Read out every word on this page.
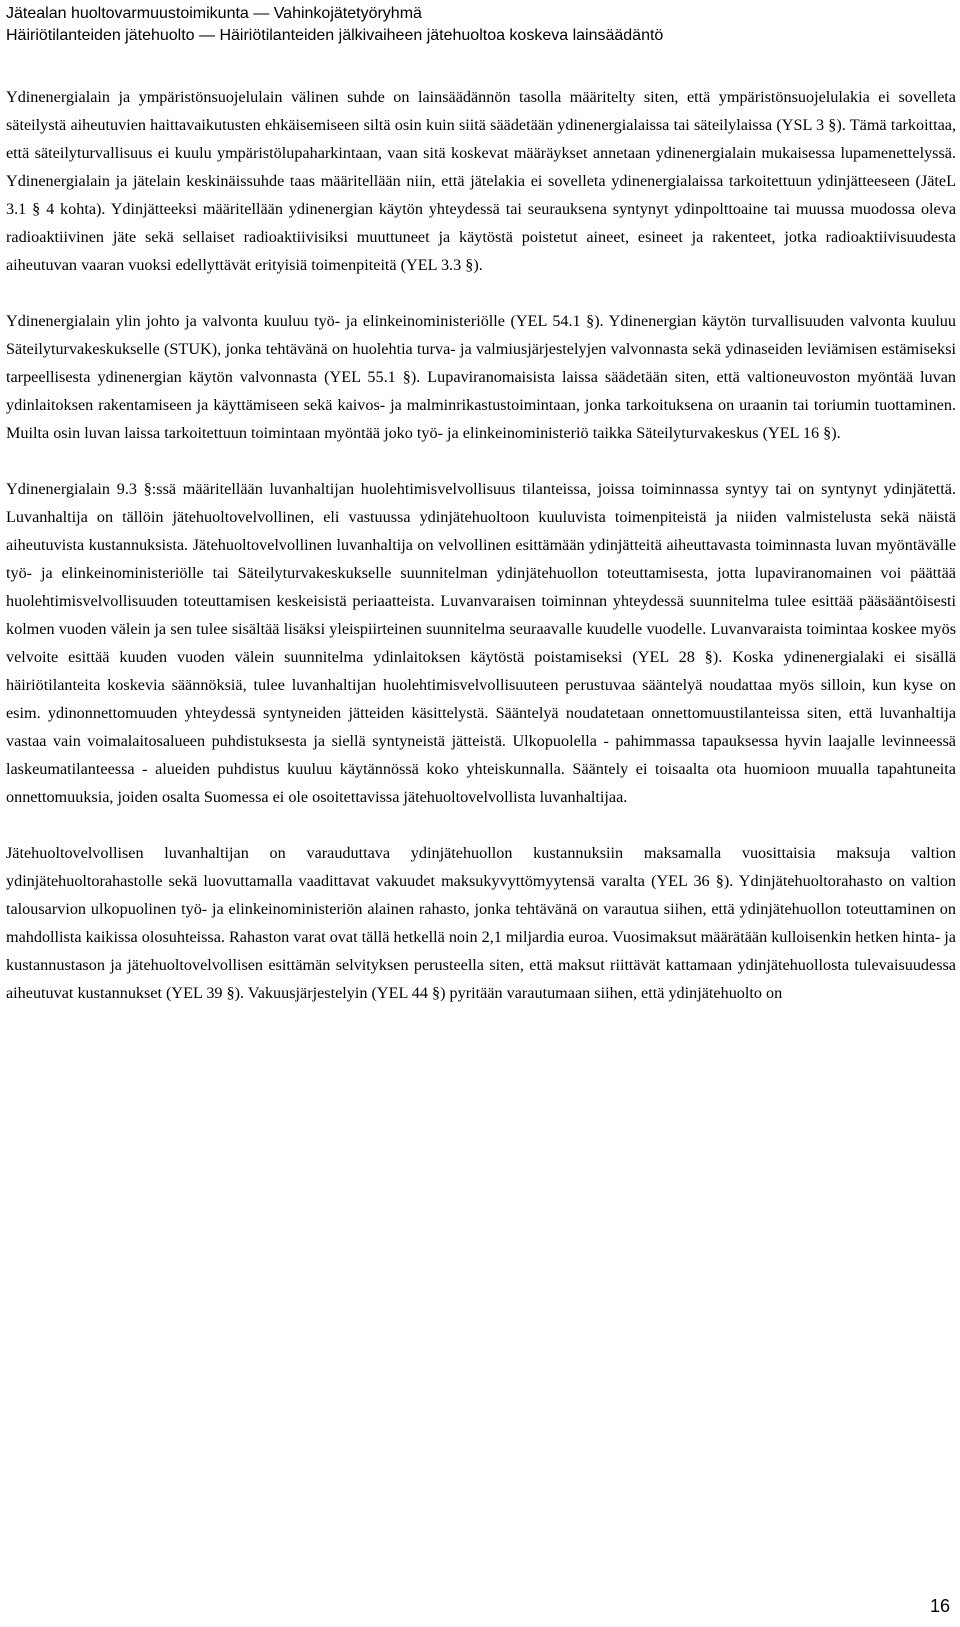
Jätealan huoltovarmuustoimikunta — Vahinkojätetyöryhmä
Häiriötilanteiden jätehuolto — Häiriötilanteiden jälkivaiheen jätehuoltoa koskeva lainsäädäntö

Ydinenergialain ja ympäristönsuojelulain välinen suhde on lainsäädännön tasolla määritelty siten, että ympäristönsuojelulakia ei sovelleta säteilystä aiheutuvien haittavaikutusten ehkäisemiseen siltä osin kuin siitä säädetään ydinenergialaissa tai säteilylaissa (YSL 3 §). Tämä tarkoittaa, että säteilyturvallisuus ei kuulu ympäristölupaharkintaan, vaan sitä koskevat määräykset annetaan ydinenergialain mukaisessa lupamenettelyssä. Ydinenergialain ja jätelain keskinäissuhde taas määritellään niin, että jätelakia ei sovelleta ydinenergialaissa tarkoitettuun ydinjätteeseen (JäteL 3.1 § 4 kohta). Ydinjätteeksi määritellään ydinenergian käytön yhteydessä tai seurauksena syntynyt ydinpolttoaine tai muussa muodossa oleva radioaktiivinen jäte sekä sellaiset radioaktiivisiksi muuttuneet ja käytöstä poistetut aineet, esineet ja rakenteet, jotka radioaktiivisuudesta aiheutuvan vaaran vuoksi edellyttävät erityisiä toimenpiteitä (YEL 3.3 §).

Ydinenergialain ylin johto ja valvonta kuuluu työ- ja elinkeinoministeriölle (YEL 54.1 §). Ydinenergian käytön turvallisuuden valvonta kuuluu Säteilyturvakeskukselle (STUK), jonka tehtävänä on huolehtia turva- ja valmiusjärjestelyjen valvonnasta sekä ydinaseiden leviämisen estämiseksi tarpeellisesta ydinenergian käytön valvonnasta (YEL 55.1 §). Lupaviranomaisista laissa säädetään siten, että valtioneuvoston myöntää luvan ydinlaitoksen rakentamiseen ja käyttämiseen sekä kaivos- ja malminrikastustoimintaan, jonka tarkoituksena on uraanin tai toriumin tuottaminen. Muilta osin luvan laissa tarkoitettuun toimintaan myöntää joko työ- ja elinkeinoministeriö taikka Säteilyturvakeskus (YEL 16 §).

Ydinenergialain 9.3 §:ssä määritellään luvanhaltijan huolehtimisvelvollisuus tilanteissa, joissa toiminnassa syntyy tai on syntynyt ydinjätettä. Luvanhaltija on tällöin jätehuoltovelvollinen, eli vastuussa ydinjätehuoltoon kuuluvista toimenpiteistä ja niiden valmistelusta sekä näistä aiheutuvista kustannuksista. Jätehuoltovelvollinen luvanhaltija on velvollinen esittämään ydinjätteitä aiheuttavasta toiminnasta luvan myöntävälle työ- ja elinkeinoministeriölle tai Säteilyturvakeskukselle suunnitelman ydinjätehuollon toteuttamisesta, jotta lupaviranomainen voi päättää huolehtimisvelvollisuuden toteuttamisen keskeisistä periaatteista. Luvanvaraisen toiminnan yhteydessä suunnitelma tulee esittää pääsääntöisesti kolmen vuoden välein ja sen tulee sisältää lisäksi yleispiirteinen suunnitelma seuraavalle kuudelle vuodelle. Luvanvaraista toimintaa koskee myös velvoite esittää kuuden vuoden välein suunnitelma ydinlaitoksen käytöstä poistamiseksi (YEL 28 §). Koska ydinenergialaki ei sisällä häiriötilanteita koskevia säännöksiä, tulee luvanhaltijan huolehtimisvelvollisuuteen perustuvaa sääntelyä noudattaa myös silloin, kun kyse on esim. ydinonnettomuuden yhteydessä syntyneiden jätteiden käsittelystä. Sääntelyä noudatetaan onnettomuustilanteissa siten, että luvanhaltija vastaa vain voimalaitosalueen puhdistuksesta ja siellä syntyneistä jätteistä. Ulkopuolella - pahimmassa tapauksessa hyvin laajalle levinneessä laskeumatilanteessa - alueiden puhdistus kuuluu käytännössä koko yhteiskunnalla. Sääntely ei toisaalta ota huomioon muualla tapahtuneita onnettomuuksia, joiden osalta Suomessa ei ole osoitettavissa jätehuoltovelvollista luvanhaltijaa.

Jätehuoltovelvollisen luvanhaltijan on varauduttava ydinjätehuollon kustannuksiin maksamalla vuosittaisia maksuja valtion ydinjätehuoltorahastolle sekä luovuttamalla vaadittavat vakuudet maksukyvyttömyytensä varalta (YEL 36 §). Ydinjätehuoltorahasto on valtion talousarvion ulkopuolinen työ- ja elinkeinoministeriön alainen rahasto, jonka tehtävänä on varautua siihen, että ydinjätehuollon toteuttaminen on mahdollista kaikissa olosuhteissa. Rahaston varat ovat tällä hetkellä noin 2,1 miljardia euroa. Vuosimaksut määrätään kulloisenkin hetken hinta- ja kustannustason ja jätehuoltovelvollisen esittämän selvityksen perusteella siten, että maksut riittävät kattamaan ydinjätehuollosta tulevaisuudessa aiheutuvat kustannukset (YEL 39 §). Vakuusjärjestelyin (YEL 44 §) pyritään varautumaan siihen, että ydinjätehuolto on

16
